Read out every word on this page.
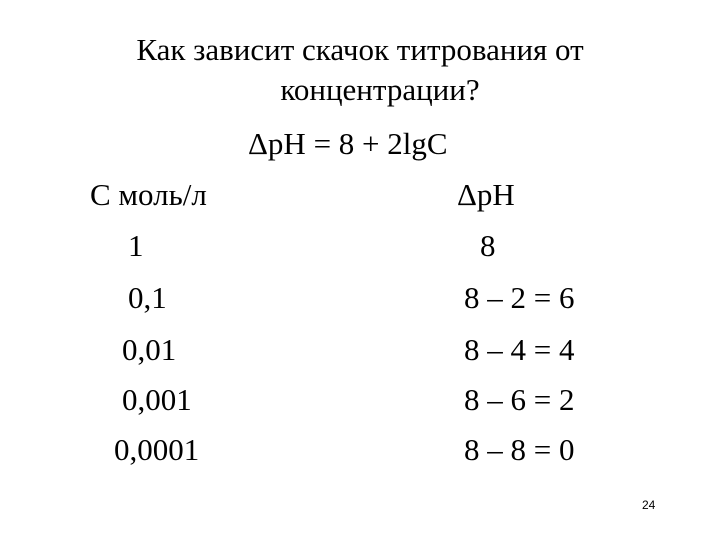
Как зависит скачок титрования от
концентрации?
ΔpH = 8 + 2lgC
С моль/л	ΔpH
1	8
0,1	8 – 2 = 6
0,01	8 – 4 = 4
0,001	8 – 6 = 2
0,0001	8 – 8 = 0
24
